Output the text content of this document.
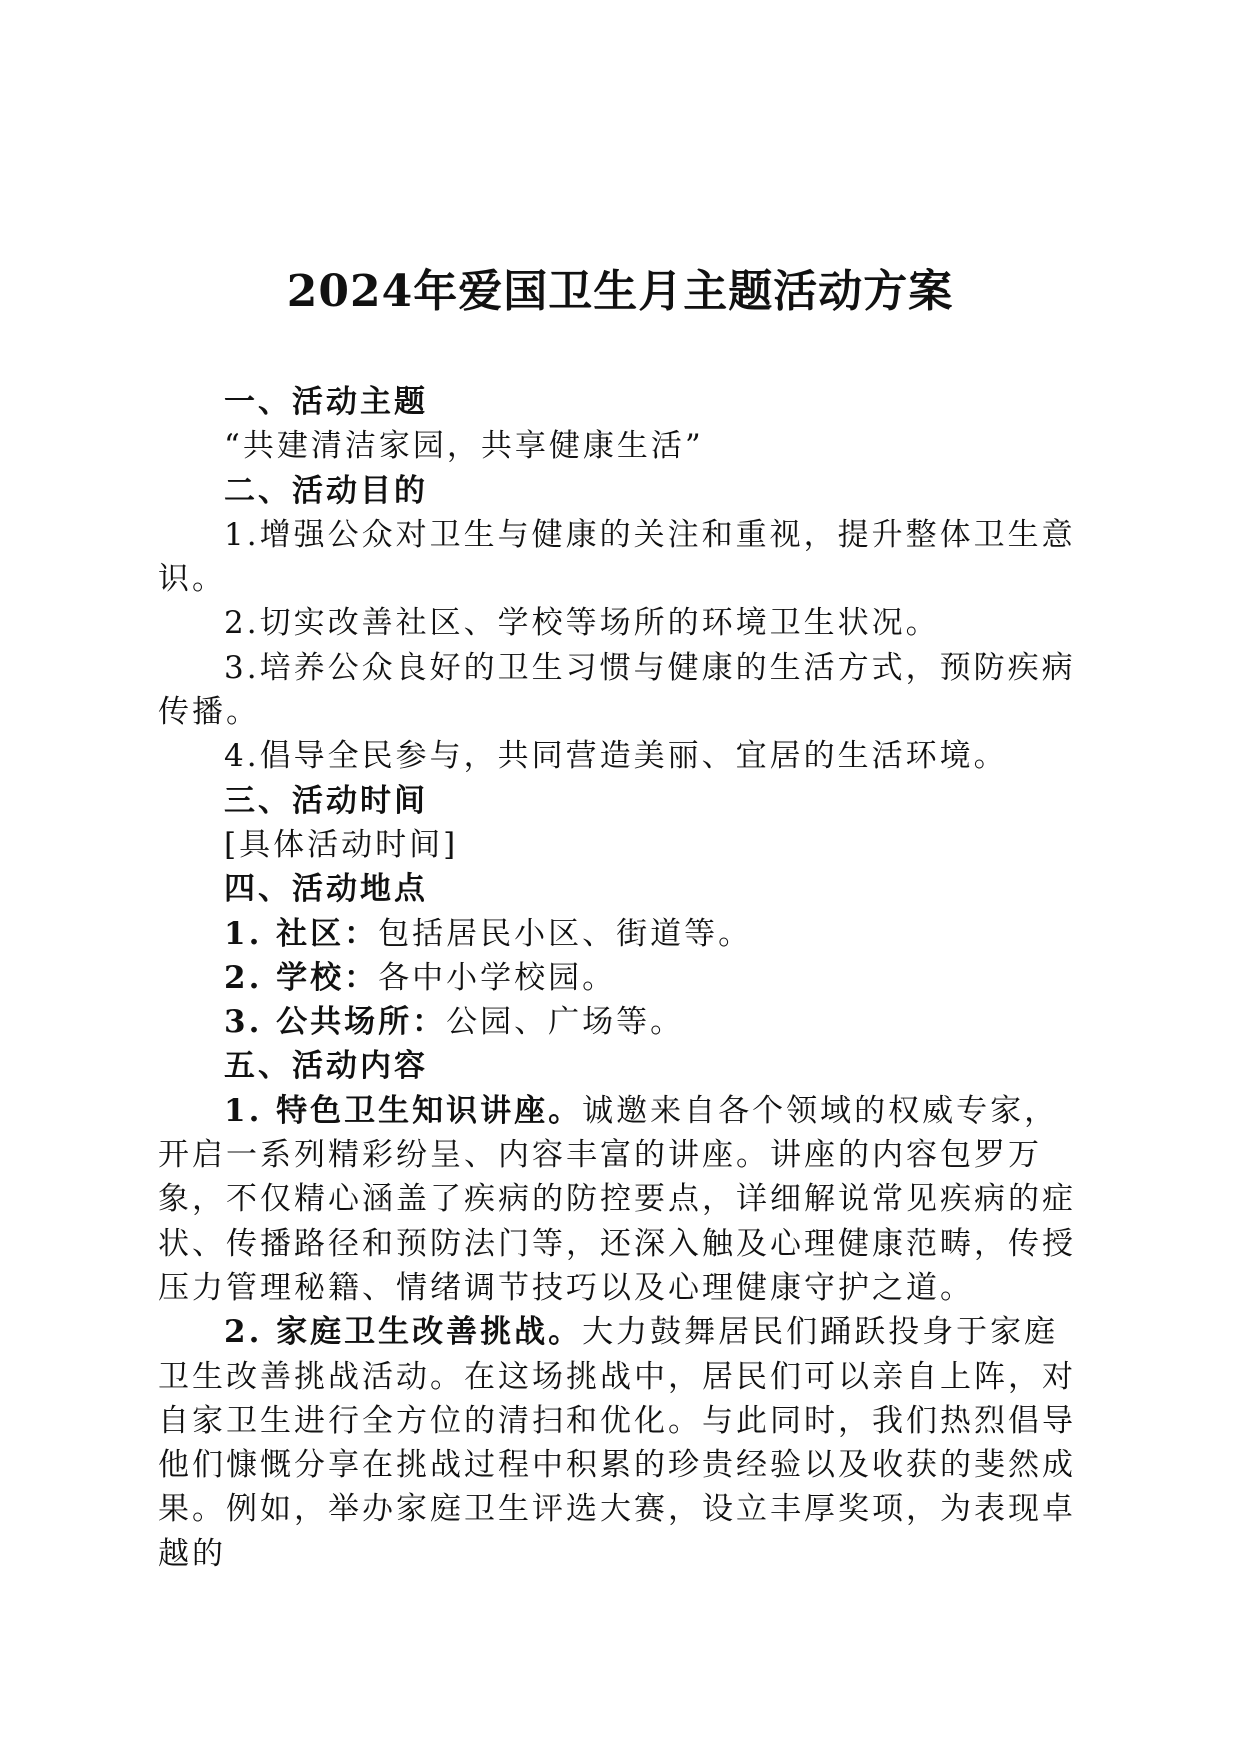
2024年爱国卫生月主题活动方案

一、活动主题

“共建清洁家园，共享健康生活”

二、活动目的

1.增强公众对卫生与健康的关注和重视，提升整体卫生意识。

2.切实改善社区、学校等场所的环境卫生状况。

3.培养公众良好的卫生习惯与健康的生活方式，预防疾病传播。

4.倡导全民参与，共同营造美丽、宜居的生活环境。

三、活动时间

[具体活动时间]

四、活动地点

1. 社区：包括居民小区、街道等。

2. 学校：各中小学校园。

3. 公共场所：公园、广场等。

五、活动内容

1. 特色卫生知识讲座。诚邀来自各个领域的权威专家，开启一系列精彩纷呈、内容丰富的讲座。讲座的内容包罗万象，不仅精心涵盖了疾病的防控要点，详细解说常见疾病的症状、传播路径和预防法门等，还深入触及心理健康范畴，传授压力管理秘籍、情绪调节技巧以及心理健康守护之道。

2. 家庭卫生改善挑战。大力鼓舞居民们踊跃投身于家庭卫生改善挑战活动。在这场挑战中，居民们可以亲自上阵，对自家卫生进行全方位的清扫和优化。与此同时，我们热烈倡导他们慷慨分享在挑战过程中积累的珍贵经验以及收获的斐然成果。例如，举办家庭卫生评选大赛，设立丰厚奖项，为表现卓越的
